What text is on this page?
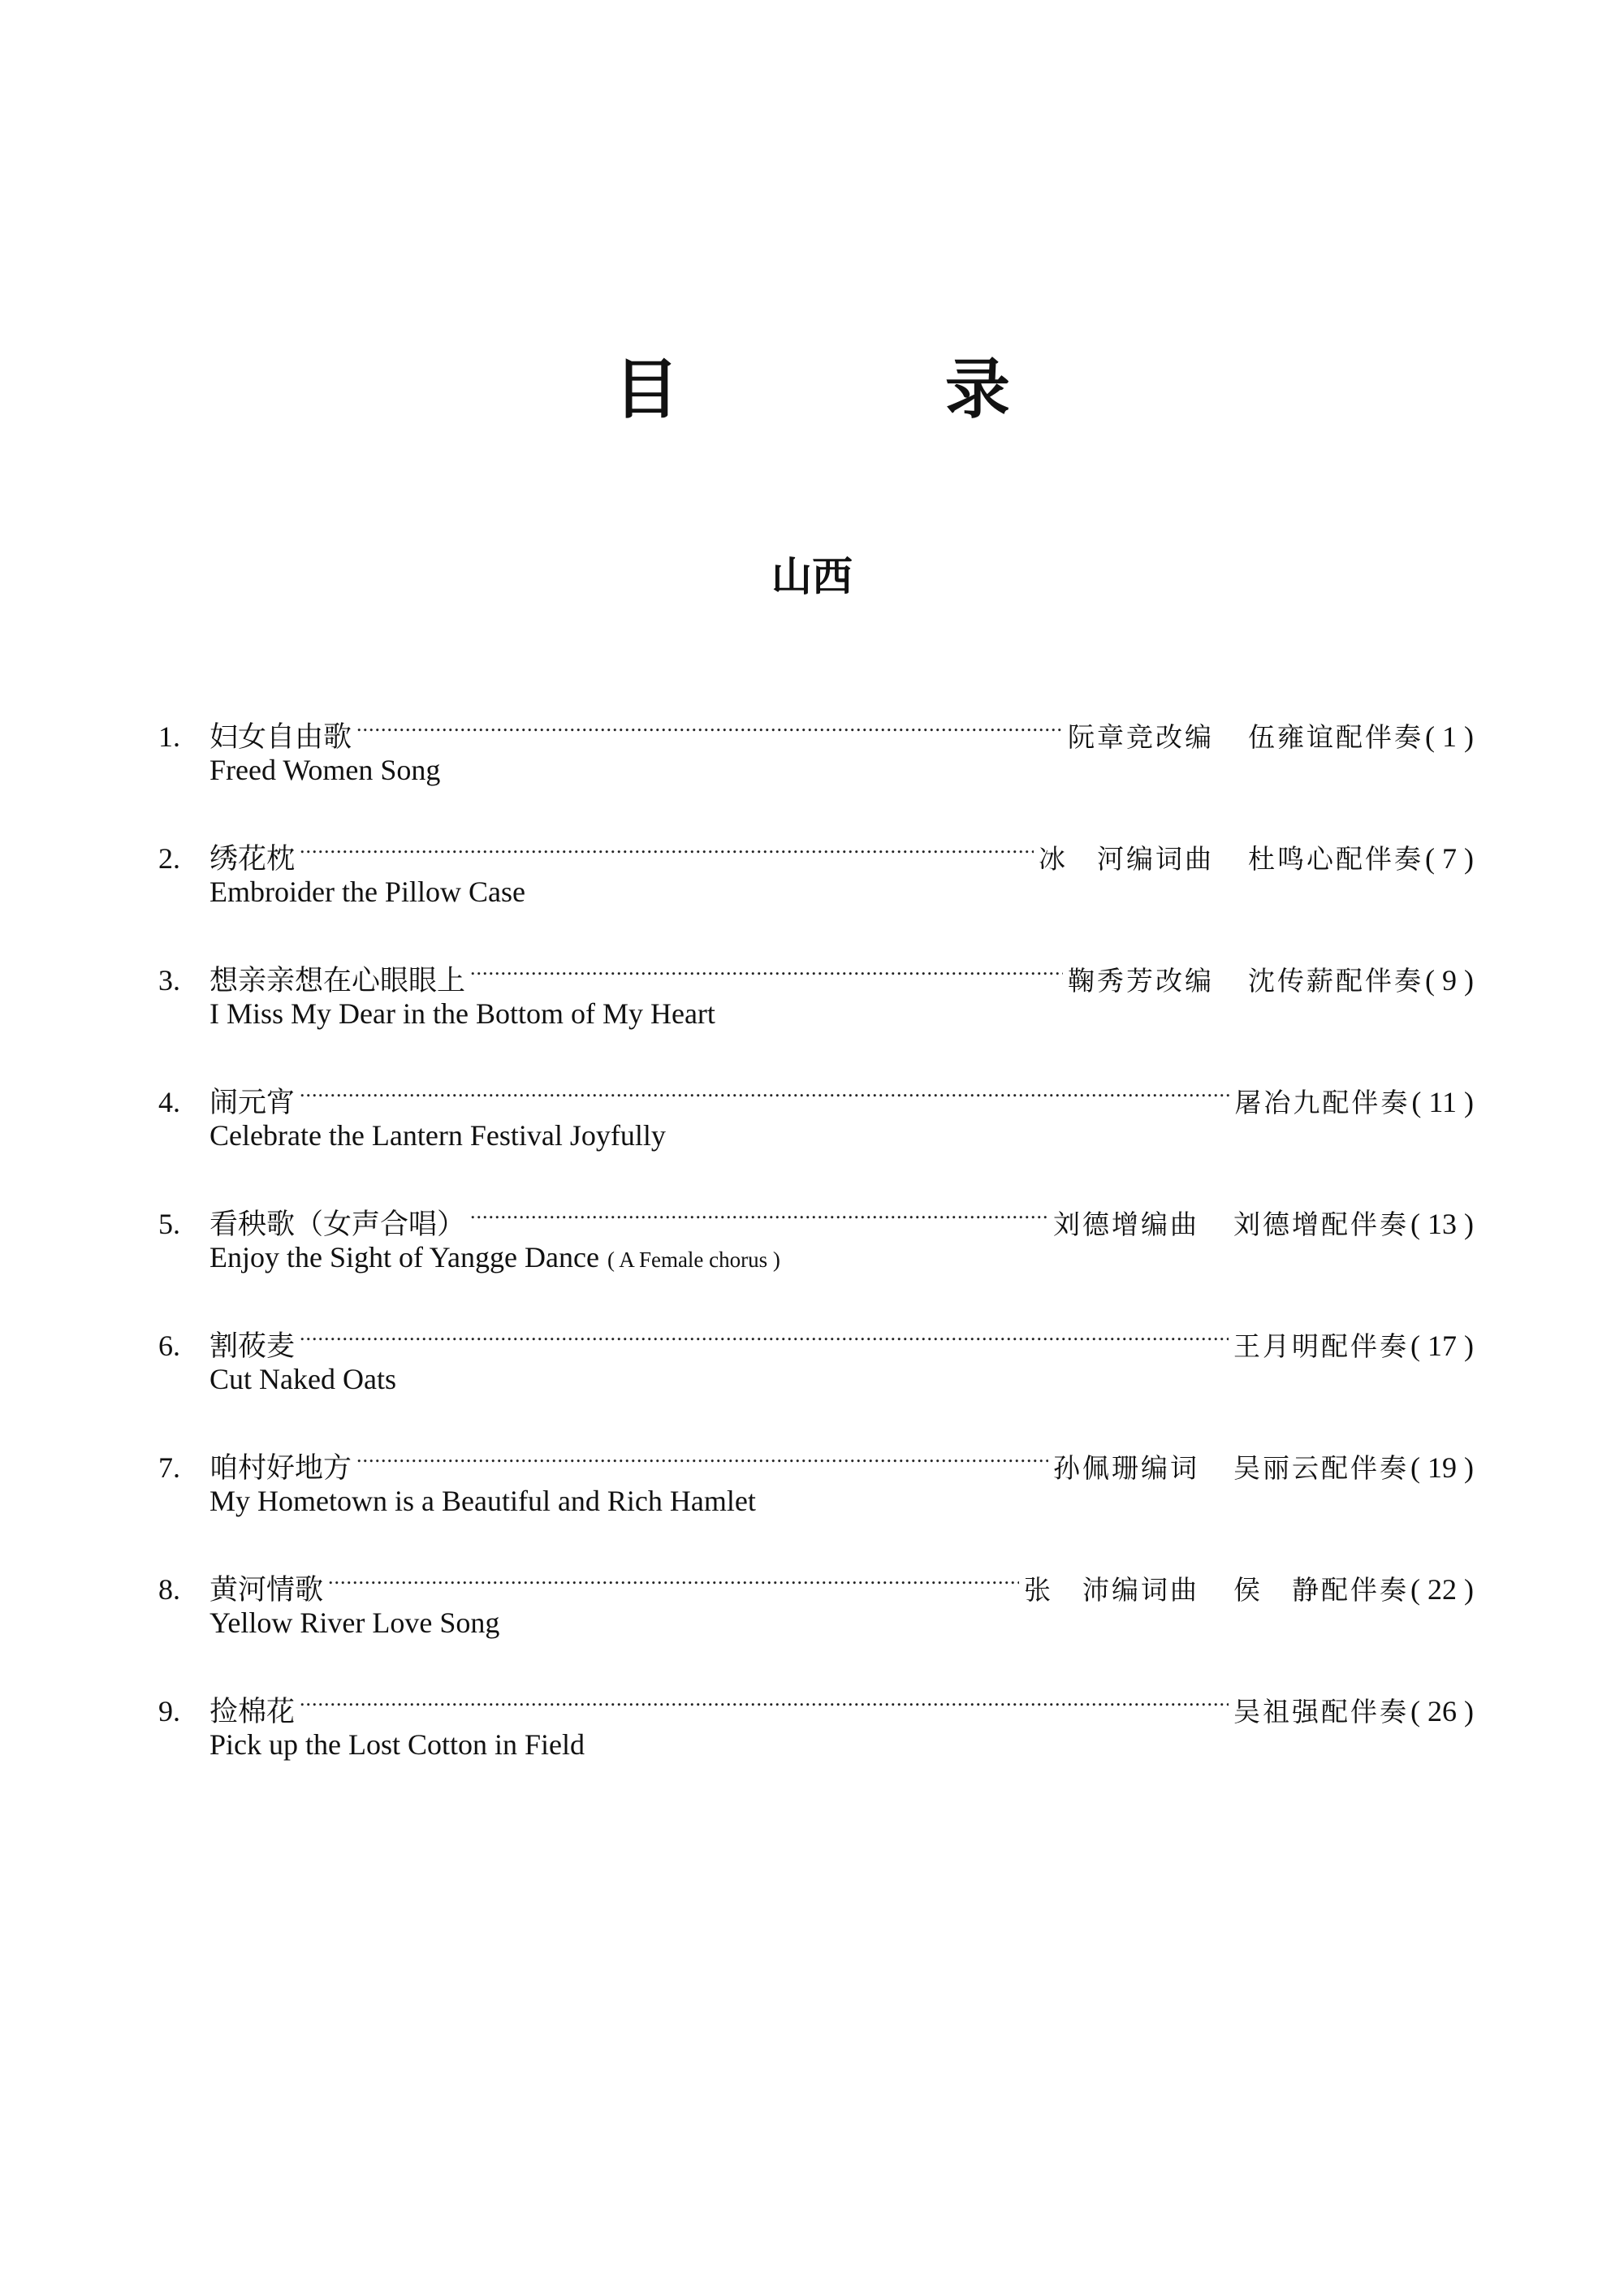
目 录
山西
1.	妇女自由歌 .....	阮章竞改编 伍雍谊配伴奏 ( 1 )

Freed Women Song

2.	绣花枕 .....	冰　河编词曲 杜鸣心配伴奏 ( 7 )

Embroider the Pillow Case

3.	想亲亲想在心眼眼上 .....	鞠秀芳改编 沈传薪配伴奏 ( 9 )

I Miss My Dear in the Bottom of My Heart

4.	闹元宵 .....	屠冶九配伴奏 ( 11 )

Celebrate the Lantern Festival Joyfully

5.	看秧歌（女声合唱） .....	刘德增编曲 刘德增配伴奏 ( 13 )

Enjoy the Sight of Yangge Dance ( A Female chorus )

6.	割莜麦 .....	王月明配伴奏 ( 17 )

Cut Naked Oats

7.	咱村好地方 .....	孙佩珊编词 吴丽云配伴奏 ( 19 )

My Hometown is a Beautiful and Rich Hamlet

8.	黄河情歌 .....	张　沛编词曲 侯　静配伴奏 ( 22 )

Yellow River Love Song

9.	捡棉花 .....	吴祖强配伴奏 ( 26 )

Pick up the Lost Cotton in Field
